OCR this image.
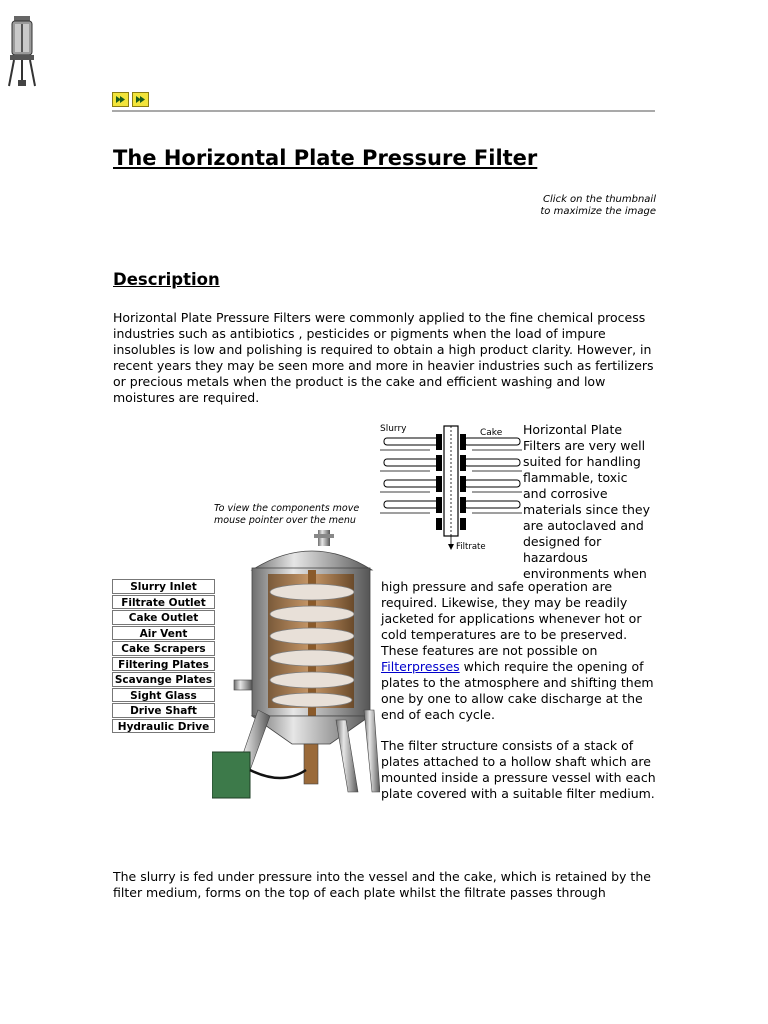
The Horizontal Plate Pressure Filter
Click on the thumbnail
to maximize the image
Description
Horizontal Plate Pressure Filters were commonly applied to the fine chemical process industries such as antibiotics , pesticides or pigments when the load of impure insolubles is low and polishing is required to obtain a high product clarity. However, in recent years they may be seen more and more in heavier industries such as fertilizers or precious metals when the product is the cake and efficient washing and low moistures are required.
Slurry	Cake
Filtrate
Horizontal Plate Filters are very well suited for handling flammable, toxic and corrosive materials since they are autoclaved and designed for hazardous environments when
To view the components move
mouse pointer over the menu
Slurry Inlet
Filtrate Outlet
Cake Outlet
Air Vent
Cake Scrapers
Filtering Plates
Scavange Plates
Sight Glass
Drive Shaft
Hydraulic Drive
high pressure and safe operation are required. Likewise, they may be readily jacketed for applications whenever hot or cold temperatures are to be preserved. These features are not possible on Filterpresses which require the opening of plates to the atmosphere and shifting them one by one to allow cake discharge at the end of each cycle.
The filter structure consists of a stack of plates attached to a hollow shaft which are mounted inside a pressure vessel with each plate covered with a suitable filter medium.
The slurry is fed under pressure into the vessel and the cake, which is retained by the filter medium, forms on the top of each plate whilst the filtrate passes through
